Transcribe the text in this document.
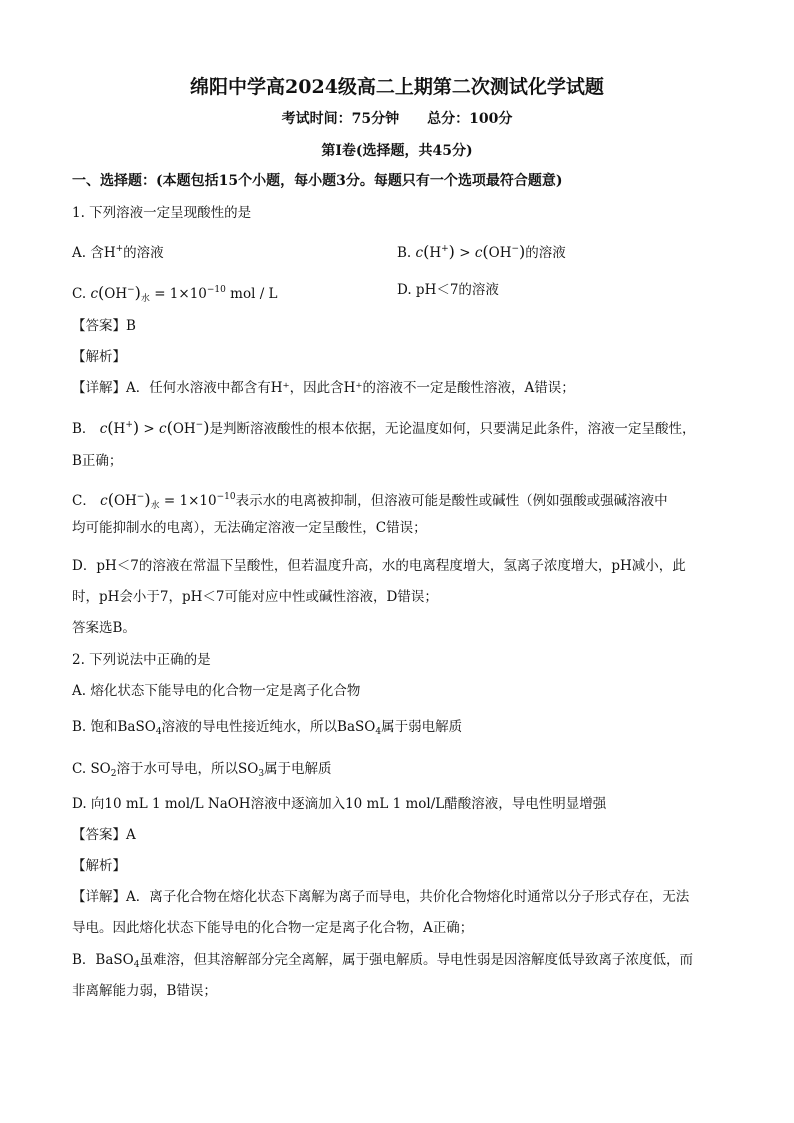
绵阳中学高2024级高二上期第二次测试化学试题
考试时间：75分钟　　总分：100分
第I卷(选择题，共45分)
一、选择题：(本题包括15个小题，每小题3分。每题只有一个选项最符合题意)
1. 下列溶液一定呈现酸性的是
A. 含H+的溶液	B. c(H+) > c(OH−)的溶液
C. $c(OH^-)_水 = 1\times 10^{-10}$ mol / L	D. pH＜7的溶液
【答案】B
【解析】
【详解】A．任何水溶液中都含有H⁺，因此含H⁺的溶液不一定是酸性溶液，A错误；
B． c(H+) > c(OH−)是判断溶液酸性的根本依据，无论温度如何，只要满足此条件，溶液一定呈酸性，
B正确；
C． $c(OH^-)_水 = 1\times 10^{-10}$表示水的电离被抑制，但溶液可能是酸性或碱性（例如强酸或强碱溶液中
均可能抑制水的电离），无法确定溶液一定呈酸性，C错误；
D．pH＜7的溶液在常温下呈酸性，但若温度升高，水的电离程度增大，氢离子浓度增大，pH减小，此
时，pH会小于7，pH＜7可能对应中性或碱性溶液，D错误；
答案选B。
2. 下列说法中正确的是
A. 熔化状态下能导电的化合物一定是离子化合物
B. 饱和BaSO$_4$溶液的导电性接近纯水，所以BaSO$_4$属于弱电解质
C. $SO_2$溶于水可导电，所以$SO_3$属于电解质
D. 向10 mL 1 mol/L NaOH溶液中逐滴加入10 mL 1 mol/L醋酸溶液，导电性明显增强
【答案】A
【解析】
【详解】A．离子化合物在熔化状态下离解为离子而导电，共价化合物熔化时通常以分子形式存在，无法
导电。因此熔化状态下能导电的化合物一定是离子化合物，A正确；
B．BaSO$_4$虽难溶，但其溶解部分完全离解，属于强电解质。导电性弱是因溶解度低导致离子浓度低，而
非离解能力弱，B错误；
